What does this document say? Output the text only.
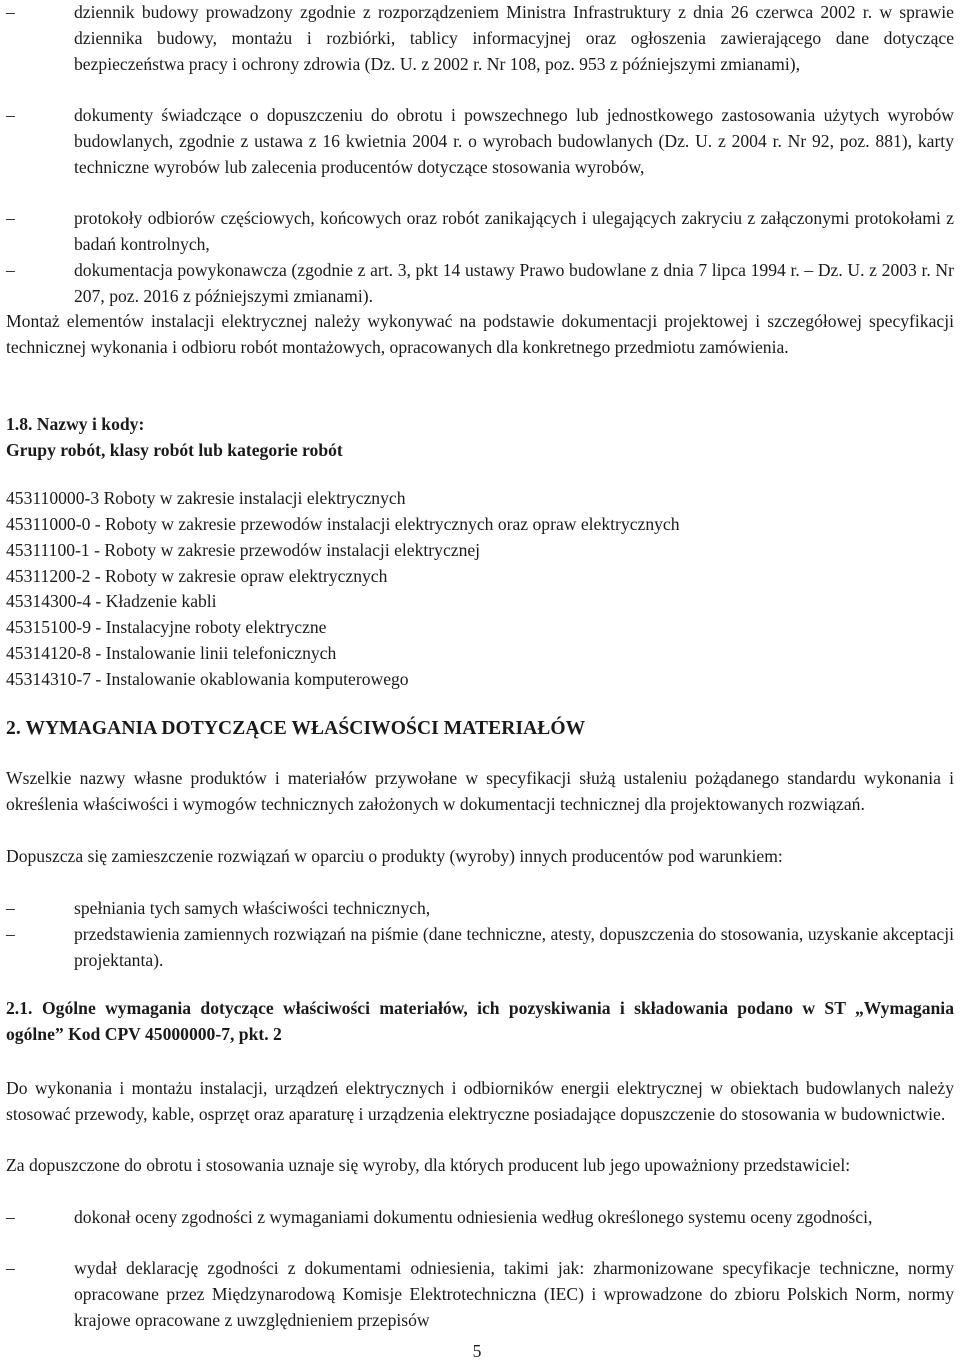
–	dziennik budowy prowadzony zgodnie z rozporządzeniem Ministra Infrastruktury z dnia 26 czerwca 2002 r. w sprawie dziennika budowy, montażu i rozbiórki, tablicy informacyjnej oraz ogłoszenia zawierającego dane dotyczące bezpieczeństwa pracy i ochrony zdrowia (Dz. U. z 2002 r. Nr 108, poz. 953 z późniejszymi zmianami),
–	dokumenty świadczące o dopuszczeniu do obrotu i powszechnego lub jednostkowego zastosowania użytych wyrobów budowlanych, zgodnie z ustawa z 16 kwietnia 2004 r. o wyrobach budowlanych (Dz. U. z 2004 r. Nr 92, poz. 881), karty techniczne wyrobów lub zalecenia producentów dotyczące stosowania wyrobów,
–	protokoły odbiorów częściowych, końcowych oraz robót zanikających i ulegających zakryciu z załączonymi protokołami z badań kontrolnych,
–	dokumentacja powykonawcza (zgodnie z art. 3, pkt 14 ustawy Prawo budowlane z dnia 7 lipca 1994 r. – Dz. U. z 2003 r. Nr 207, poz. 2016 z późniejszymi zmianami).

Montaż elementów instalacji elektrycznej należy wykonywać na podstawie dokumentacji projektowej i szczegółowej specyfikacji technicznej wykonania i odbioru robót montażowych, opracowanych dla konkretnego przedmiotu zamówienia.

1.8. Nazwy i kody:
Grupy robót, klasy robót lub kategorie robót
453110000-3 Roboty w zakresie instalacji elektrycznych
45311000-0 - Roboty w zakresie przewodów instalacji elektrycznych oraz opraw elektrycznych
45311100-1 - Roboty w zakresie przewodów instalacji elektrycznej
45311200-2 - Roboty w zakresie opraw elektrycznych
45314300-4 - Kładzenie kabli
45315100-9 - Instalacyjne roboty elektryczne
45314120-8 - Instalowanie linii telefonicznych
45314310-7 - Instalowanie okablowania komputerowego
2. WYMAGANIA DOTYCZĄCE WŁAŚCIWOŚCI MATERIAŁÓW

Wszelkie nazwy własne produktów i materiałów przywołane w specyfikacji służą ustaleniu pożądanego standardu wykonania i określenia właściwości i wymogów technicznych założonych w dokumentacji technicznej dla projektowanych rozwiązań.

Dopuszcza się zamieszczenie rozwiązań w oparciu o produkty (wyroby) innych producentów pod warunkiem:

–	spełniania tych samych właściwości technicznych,
–	przedstawienia zamiennych rozwiązań na piśmie (dane techniczne, atesty, dopuszczenia do stosowania, uzyskanie akceptacji projektanta).
2.1. Ogólne wymagania dotyczące właściwości materiałów, ich pozyskiwania i składowania podano w ST „Wymagania ogólne” Kod CPV 45000000-7, pkt. 2

Do wykonania i montażu instalacji, urządzeń elektrycznych i odbiorników energii elektrycznej w obiektach budowlanych należy stosować przewody, kable, osprzęt oraz aparaturę i urządzenia elektryczne posiadające dopuszczenie do stosowania w budownictwie.

Za dopuszczone do obrotu i stosowania uznaje się wyroby, dla których producent lub jego upoważniony przedstawiciel:

–	dokonał oceny zgodności z wymaganiami dokumentu odniesienia według określonego systemu oceny zgodności,
–	wydał deklarację zgodności z dokumentami odniesienia, takimi jak: zharmonizowane specyfikacje techniczne, normy opracowane przez Międzynarodową Komisje Elektrotechniczna (IEC) i wprowadzone do zbioru Polskich Norm, normy krajowe opracowane z uwzględnieniem przepisów
5
